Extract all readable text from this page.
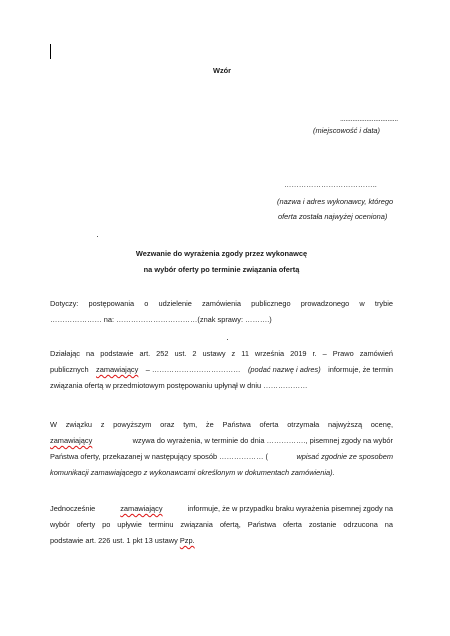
Wzór
.................................
(miejscowość i data)
………………………………..
(nazwa i adres wykonawcy, którego
oferta została najwyżej oceniona)
Wezwanie do wyrażenia zgody przez wykonawcę
na wybór oferty po terminie związania ofertą
Dotyczy: postępowania o udzielenie zamówienia publicznego prowadzonego w trybie
………………… na: ……………………………(znak sprawy: ……….)
Działając na podstawie art. 252 ust. 2 ustawy z 11 września 2019 r. – Prawo zamówień
publicznych zamawiający – ……………………………… (podać nazwę i adres) informuje, że termin
związania ofertą w przedmiotowym postępowaniu upłynął w dniu ………………
W związku z powyższym oraz tym, że Państwa oferta otrzymała najwyższą ocenę,
zamawiający	wzywa do wyrażenia, w terminie do dnia ……………., pisemnej zgody na wybór
Państwa oferty, przekazanej w następujący sposób ……………… (	wpisać zgodnie ze sposobem
komunikacji zamawiającego z wykonawcami określonym w dokumentach zamówienia).
Jednocześnie	zamawiający	informuje, że w przypadku braku wyrażenia pisemnej zgody na
wybór oferty po upływie terminu związania ofertą, Państwa oferta zostanie odrzucona na
podstawie art. 226 ust. 1 pkt 13 ustawy Pzp.
